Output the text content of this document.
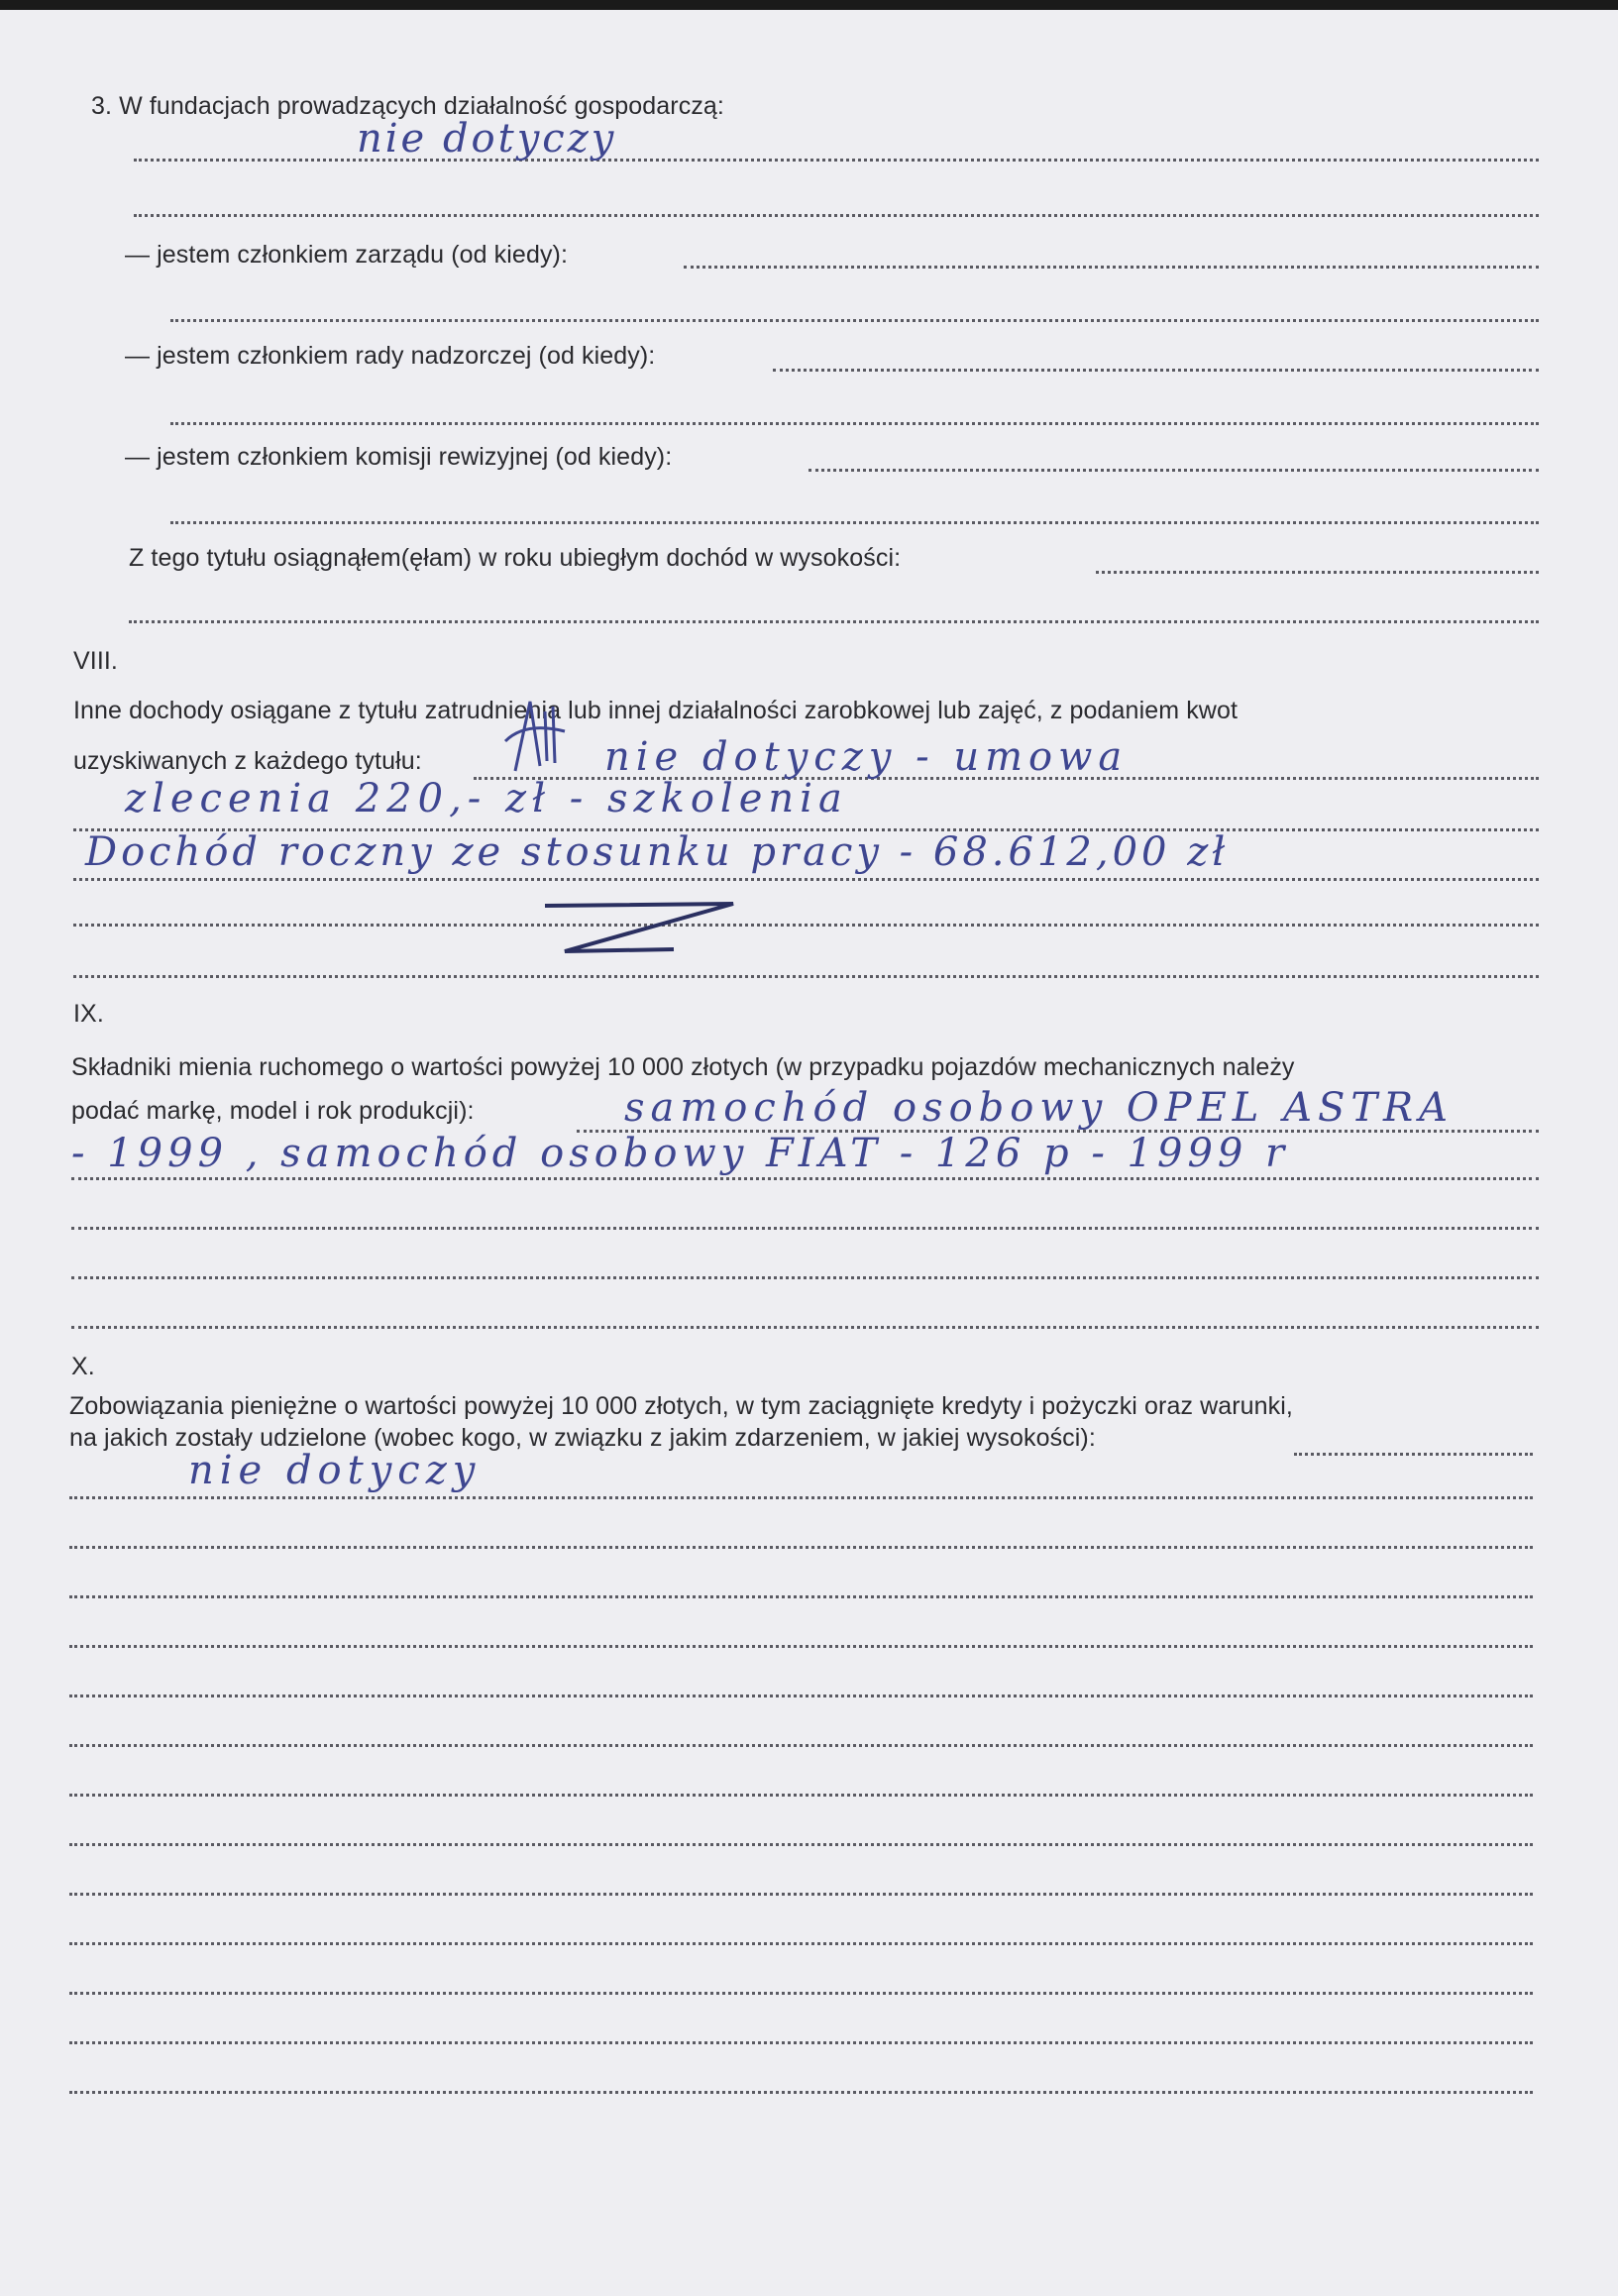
3. W fundacjach prowadzących działalność gospodarczą:
nie dotyczy
— jestem członkiem zarządu (od kiedy):
— jestem członkiem rady nadzorczej (od kiedy):
— jestem członkiem komisji rewizyjnej (od kiedy):
Z tego tytułu osiągnąłem(ęłam) w roku ubiegłym dochód w wysokości:
VIII.
Inne dochody osiągane z tytułu zatrudnienia lub innej działalności zarobkowej lub zajęć, z podaniem kwot
uzyskiwanych z każdego tytułu:	nie dotyczy - umowa
zlecenia 220,- zł - szkolenia
Dochód roczny ze stosunku pracy - 68.612,00 zł
IX.
Składniki mienia ruchomego o wartości powyżej 10 000 złotych (w przypadku pojazdów mechanicznych należy
podać markę, model i rok produkcji):	samochód osobowy OPEL ASTRA
- 1999 , samochód osobowy FIAT - 126 p - 1999 r
X.
Zobowiązania pieniężne o wartości powyżej 10 000 złotych, w tym zaciągnięte kredyty i pożyczki oraz warunki,
na jakich zostały udzielone (wobec kogo, w związku z jakim zdarzeniem, w jakiej wysokości):
nie dotyczy
